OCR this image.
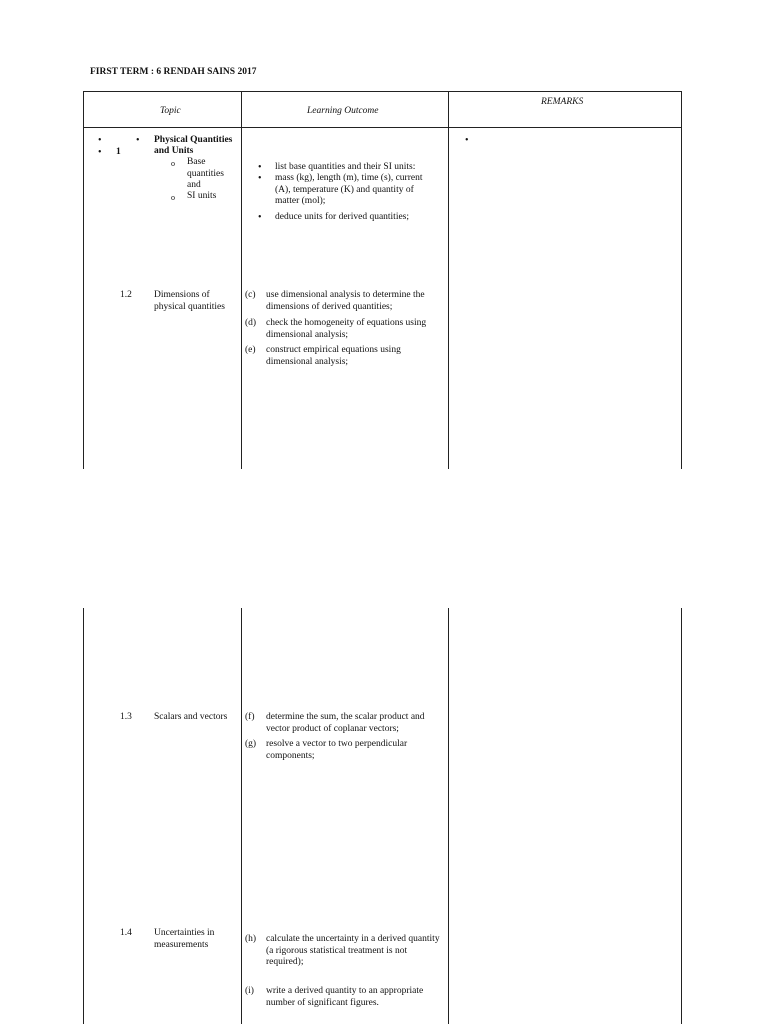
FIRST TERM : 6 RENDAH SAINS 2017
Topic	Learning Outcome
REMARKS
•
• 1
• Physical Quantities
and Units
o Base
quantities
and
o SI units
• list base quantities and their SI units:
• mass (kg), length (m), time (s), current (A), temperature (K) and quantity of matter (mol);
• deduce units for derived quantities;
•
1.2 Dimensions of
physical quantities
(c) use dimensional analysis to determine the dimensions of derived quantities;
(d) check the homogeneity of equations using dimensional analysis;
(e) construct empirical equations using dimensional analysis;
1.3 Scalars and vectors (f) determine the sum, the scalar product and vector product of coplanar vectors;
(g) resolve a vector to two perpendicular components;
1.4 Uncertainties in
measurements
(h) calculate the uncertainty in a derived quantity (a rigorous statistical treatment is not required);
(i) write a derived quantity to an appropriate number of significant figures.
